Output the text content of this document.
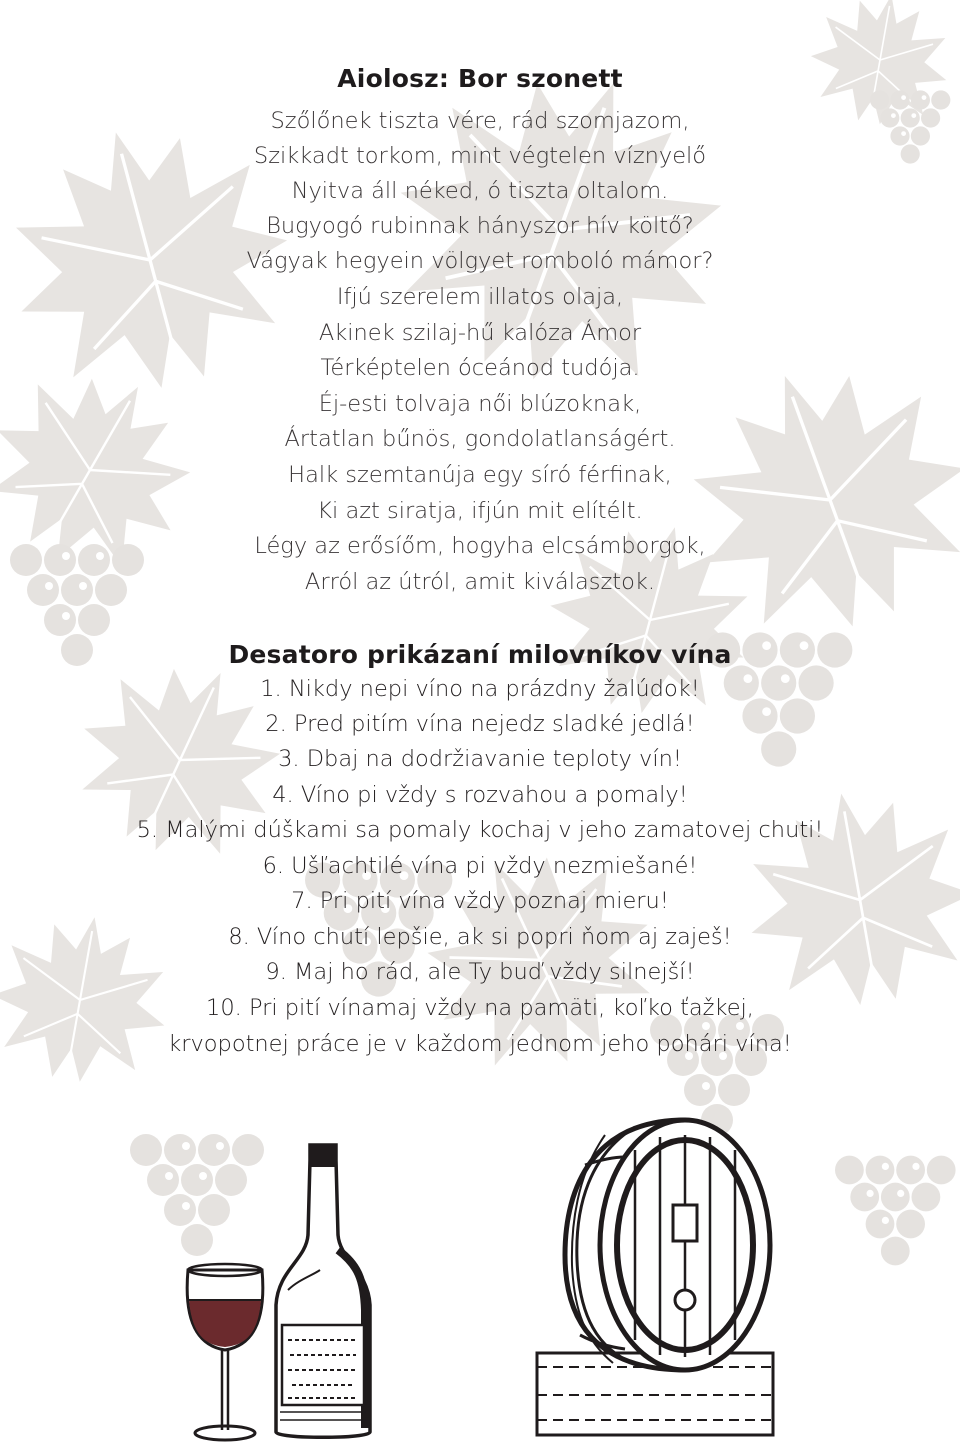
Aiolosz: Bor szonett
Szőlőnek tiszta vére, rád szomjazom,
Szikkadt torkom, mint végtelen víznyelő
Nyitva áll néked, ó tiszta oltalom.
Bugyogó rubinnak hányszor hív költő?
Vágyak hegyein völgyet romboló mámor?
Ifjú szerelem illatos olaja,
Akinek szilaj-hű kalóza Ámor
Térképtelen óceánod tudója.
Éj-esti tolvaja női blúzoknak,
Ártatlan bűnös, gondolatlanságért.
Halk szemtanúja egy síró férfinak,
Ki azt siratja, ifjún mit elítélt.
Légy az erősíőm, hogyha elcsámborgok,
Arról az útról, amit kiválasztok.
Desatoro prikázaní milovníkov vína
1. Nikdy nepi víno na prázdny žalúdok!
2. Pred pitím vína nejedz sladké jedlá!
3. Dbaj na dodržiavanie teploty vín!
4. Víno pi vždy s rozvahou a pomaly!
5. Malými dúškami sa pomaly kochaj v jeho zamatovej chuti!
6. Ušľachtilé vína pi vždy nezmiešané!
7. Pri pití vína vždy poznaj mieru!
8. Víno chutí lepšie, ak si popri ňom aj zaješ!
9. Maj ho rád, ale Ty buď vždy silnejší!
10. Pri pití vínamaj vždy na pamäti, koľko ťažkej,
krvopotnej práce je v každom jednom jeho pohári vína!
